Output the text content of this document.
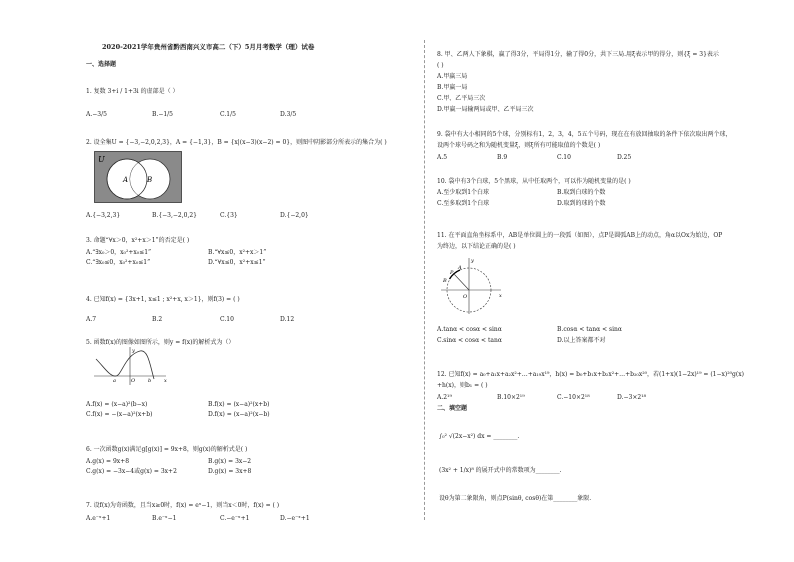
2020-2021学年贵州省黔西南兴义市高二（下）5月月考数学（理）试卷
一、选择题
1. 复数 3+i / 1+3i 的虚部是（ ）
A.−3/5	B.−1/5	C.1/5	D.3/5
2. 设全集U = {−3,−2,0,2,3}，A = {−1,3}，B = {x|(x−3)(x−2) = 0}，则图中阴影部分所表示的集合为( )
U
A	B
A.{−3,2,3}	B.{−3,−2,0,2}	C.{3}	D.{−2,0}
3. 命题“∀x＞0，x²+x＞1”的否定是( )
A.“∃x₀＞0，x₀²+x₀≤1”	B.“∀x≤0，x²+x＞1”
C.“∃x₀≤0，x₀²+x₀≤1”	D.“∀x≤0，x²+x≤1”
4. 已知f(x) = {3x+1, x≤1 ; x²+x, x＞1}，则f(3) = ( )
A.7	B.2	C.10	D.12
5. 函数f(x)的图像如图所示，则y = f(x)的解析式为（）
y
x
a	O	b
A.f(x) = (x−a)²(b−x)	B.f(x) = (x−a)²(x+b)
C.f(x) = −(x−a)²(x+b)	D.f(x) = (x−a)²(x−b)
6. 一次函数g(x)满足g[g(x)] = 9x+8，则g(x)的解析式是( )
A.g(x) = 9x+8	B.g(x) = 3x−2
C.g(x) = −3x−4或g(x) = 3x+2	D.g(x) = 3x+8
7. 设f(x)为奇函数，且当x≥0时，f(x) = eˣ−1，则当x＜0时，f(x) = ( )
A.e⁻ˣ+1	B.e⁻ˣ−1	C.−e⁻ˣ+1	D.−e⁻ˣ+1
8. 甲、乙两人下象棋，赢了得3分，平局得1分，输了得0分，共下三局.用ξ表示甲的得分，则{ξ = 3}表示
( )
A.甲赢三局
B.甲赢一局
C.甲、乙平局三次
D.甲赢一局输两局或甲、乙平局三次
9. 袋中有大小相同的5个球，分别标有1，2，3，4，5五个号码，现在在有放回抽取的条件下依次取出两个球，
设两个球号码之和为随机变量ξ，则ξ所有可能取值的个数是( )
A.5	B.9	C.10	D.25
10. 袋中有3个白球，5个黑球，从中任取两个，可以作为随机变量的是( )
A.至少取到1个白球	B.取到白球的个数
C.至多取到1个白球	D.取到的球的个数
11. 在平面直角坐标系中，AB是单位圆上的一段弧（如图），点P是圆弧AB上的动点，角α以Ox为始边，OP
为终边，以下结论正确的是( )
y
x
A
B
P
O
A.tanα < cosα < sinα	B.cosα < tanα < sinα
C.sinα < cosα < tanα	D.以上答案都不对
12. 已知f(x) = a₀+a₁x+a₂x²+…+a₁₉x¹⁹，h(x) = b₀+b₁x+b₂x²+…+b₂₀x²⁰，若(1+x)(1−2x)¹⁹ = (1−x)²⁰g(x)
+h(x)，则b₁ = ( )
A.2¹⁹	B.10×2¹⁹	C.−10×2¹⁸	D.−3×2¹⁸
二、填空题
∫₀² √(2x−x²) dx = ________.
(3x² + 1/x)⁸ 的展开式中的常数项为________.
设θ为第二象限角，则点P(sinθ, cosθ)在第________象限.
